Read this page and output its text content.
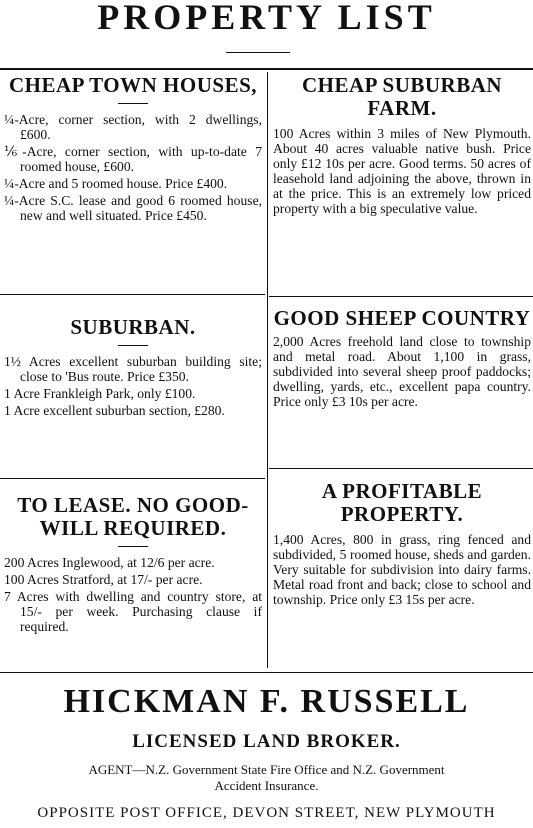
PROPERTY LIST
CHEAP TOWN HOUSES,

¼-Acre, corner section, with 2 dwellings, £600.

⅙-Acre, corner section, with up-to-date 7 roomed house, £600.

¼-Acre and 5 roomed house. Price £400.

¼-Acre S.C. lease and good 6 roomed house, new and well situated. Price £450.

SUBURBAN.

1½ Acres excellent suburban building site; close to 'Bus route. Price £350.

1 Acre Frankleigh Park, only £100.

1 Acre excellent suburban section, £280.

TO LEASE. NO GOOD-WILL REQUIRED.

200 Acres Inglewood, at 12/6 per acre.

100 Acres Stratford, at 17/- per acre.

7 Acres with dwelling and country store, at 15/- per week. Purchasing clause if required.

CHEAP SUBURBAN FARM.

100 Acres within 3 miles of New Plymouth. About 40 acres valuable native bush. Price only £12 10s per acre. Good terms. 50 acres of leasehold land adjoining the above, thrown in at the price. This is an extremely low priced property with a big speculative value.

GOOD SHEEP COUNTRY

2,000 Acres freehold land close to township and metal road. About 1,100 in grass, subdivided into several sheep proof paddocks; dwelling, yards, etc., excellent papa country. Price only £3 10s per acre.

A PROFITABLE PROPERTY.

1,400 Acres, 800 in grass, ring fenced and subdivided, 5 roomed house, sheds and garden. Very suitable for subdivision into dairy farms. Metal road front and back; close to school and township. Price only £3 15s per acre.

HICKMAN F. RUSSELL
LICENSED LAND BROKER.
AGENT—N.Z. Government State Fire Office and N.Z. Government
Accident Insurance.
OPPOSITE POST OFFICE, DEVON STREET, NEW PLYMOUTH
